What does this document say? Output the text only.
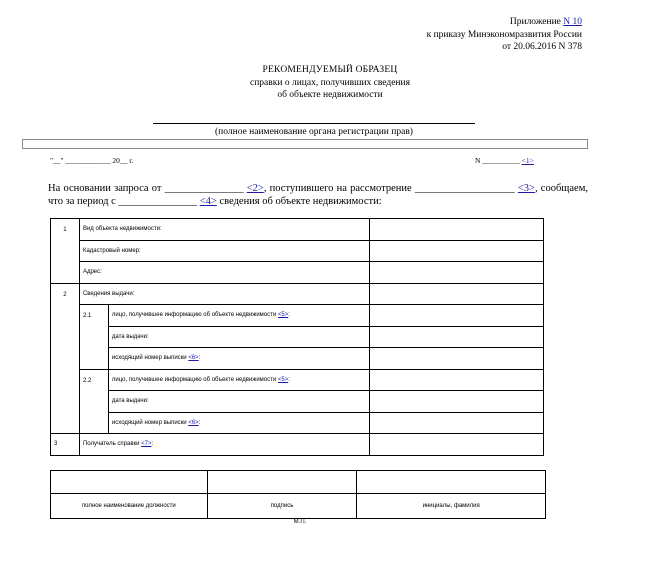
Приложение N 10
к приказу Минэкономразвития России
от 20.06.2016 N 378
РЕКОМЕНДУЕМЫЙ ОБРАЗЕЦ
справки о лицах, получивших сведения
об объекте недвижимости
(полное наименование органа регистрации прав)
"__" ____________ 20__ г.	N __________ <1>
На основании запроса от _______________ <2>, поступившего на рассмотрение ___________________ <3>, сообщаем, что за период с _______________ <4> сведения об объекте недвижимости:
1	Вид объекта недвижимости:		
	Кадастровый номер:		
	Адрес:		
2	Сведения выдачи:		
	2.1	лицо, получившее информацию об объекте недвижимости <5>:	
		дата выдачи:	
		исходящий номер выписки <6>:	
	2.2	лицо, получившее информацию об объекте недвижимости <5>:	
		дата выдачи:	
		исходящий номер выписки <6>:	
3	Получатель справки <7>:		

полное наименование должности	подпись	инициалы, фамилия
М.П.
